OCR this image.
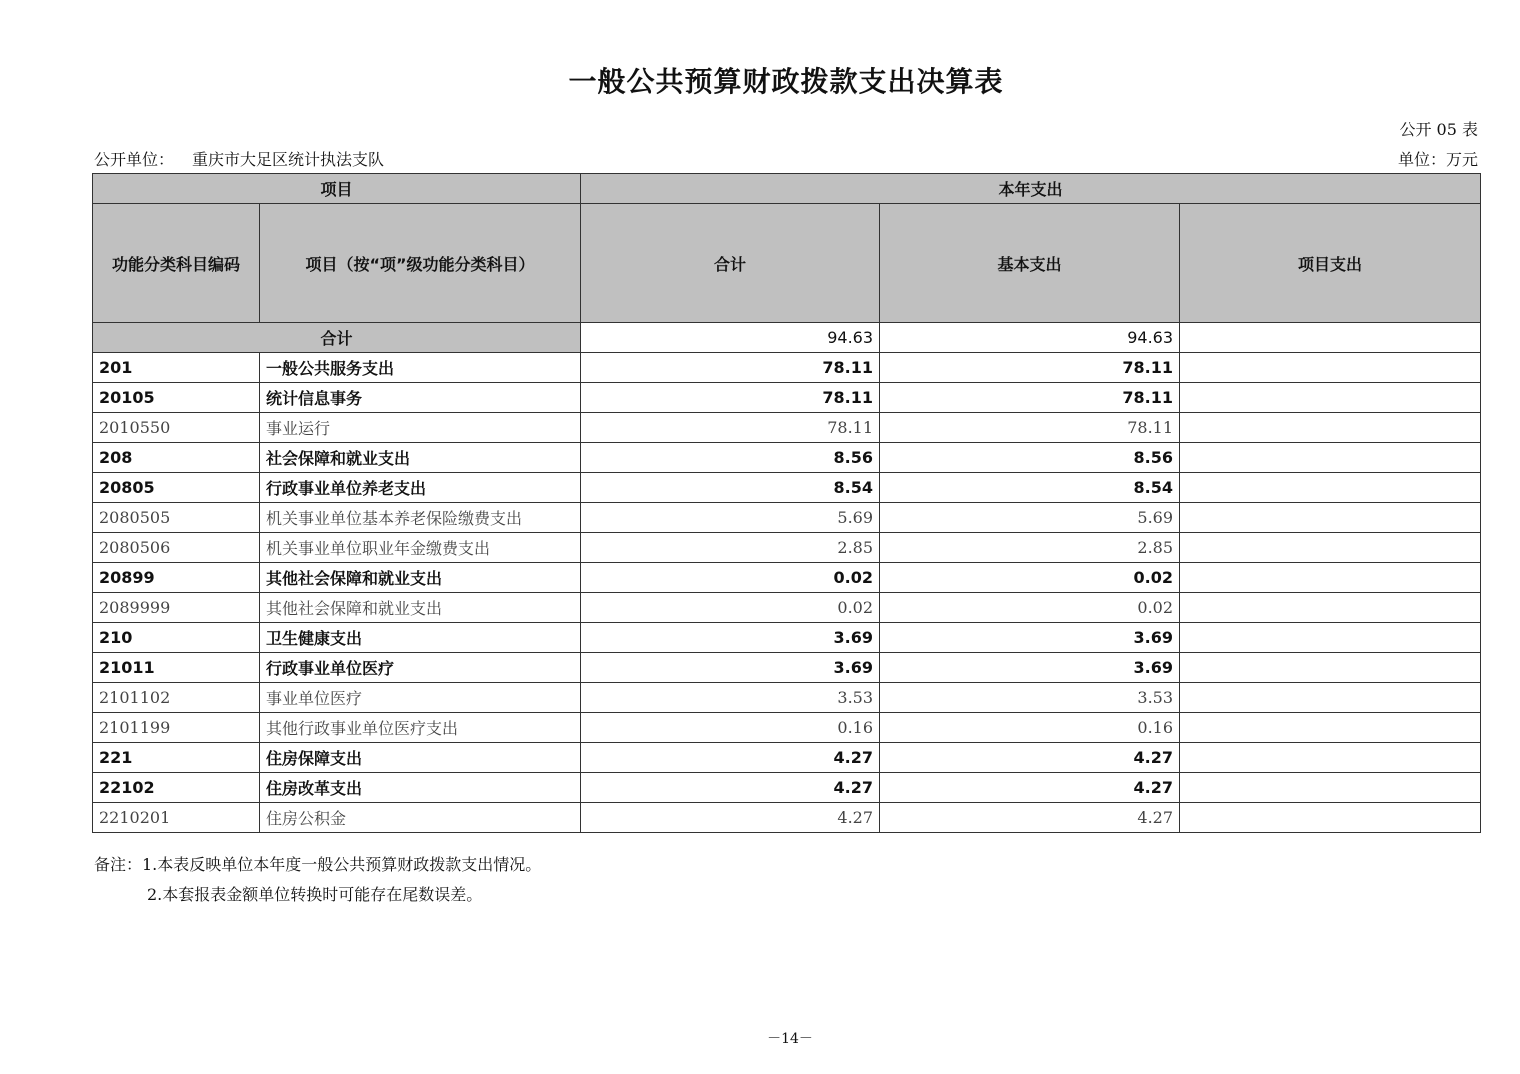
一般公共预算财政拨款支出决算表
公开 05 表
公开单位： 重庆市大足区统计执法支队	单位：万元
项目		本年支出		
功能分类科目编码	项目（按“项”级功能分类科目）	合计	基本支出	项目支出
合计		94.63	94.63	
201	一般公共服务支出	78.11	78.11	
20105	统计信息事务	78.11	78.11	
2010550	事业运行	78.11	78.11	
208	社会保障和就业支出	8.56	8.56	
20805	行政事业单位养老支出	8.54	8.54	
2080505	机关事业单位基本养老保险缴费支出	5.69	5.69	
2080506	机关事业单位职业年金缴费支出	2.85	2.85	
20899	其他社会保障和就业支出	0.02	0.02	
2089999	其他社会保障和就业支出	0.02	0.02	
210	卫生健康支出	3.69	3.69	
21011	行政事业单位医疗	3.69	3.69	
2101102	事业单位医疗	3.53	3.53	
2101199	其他行政事业单位医疗支出	0.16	0.16	
221	住房保障支出	4.27	4.27	
22102	住房改革支出	4.27	4.27	
2210201	住房公积金	4.27	4.27	
备注：1.本表反映单位本年度一般公共预算财政拨款支出情况。
2.本套报表金额单位转换时可能存在尾数误差。
－14－
